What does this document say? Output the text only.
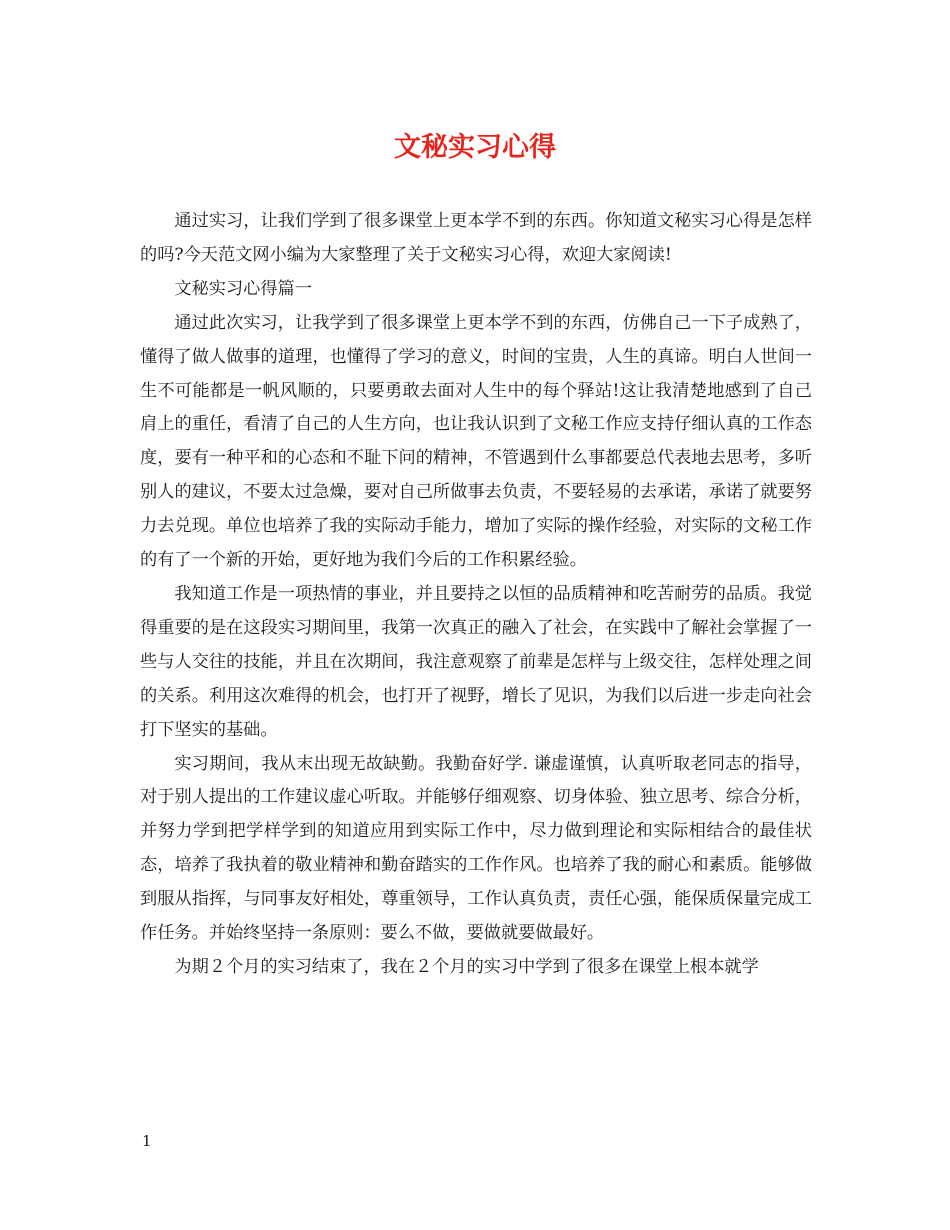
文秘实习心得

通过实习，让我们学到了很多课堂上更本学不到的东西。你知道文秘实习心得是怎样的吗?今天范文网小编为大家整理了关于文秘实习心得，欢迎大家阅读!

文秘实习心得篇一

通过此次实习，让我学到了很多课堂上更本学不到的东西，仿佛自己一下子成熟了，懂得了做人做事的道理，也懂得了学习的意义，时间的宝贵，人生的真谛。明白人世间一生不可能都是一帆风顺的，只要勇敢去面对人生中的每个驿站!这让我清楚地感到了自己肩上的重任，看清了自己的人生方向，也让我认识到了文秘工作应支持仔细认真的工作态度，要有一种平和的心态和不耻下问的精神，不管遇到什么事都要总代表地去思考，多听别人的建议，不要太过急燥，要对自己所做事去负责，不要轻易的去承诺，承诺了就要努力去兑现。单位也培养了我的实际动手能力，增加了实际的操作经验，对实际的文秘工作的有了一个新的开始，更好地为我们今后的工作积累经验。

我知道工作是一项热情的事业，并且要持之以恒的品质精神和吃苦耐劳的品质。我觉得重要的是在这段实习期间里，我第一次真正的融入了社会，在实践中了解社会掌握了一些与人交往的技能，并且在次期间，我注意观察了前辈是怎样与上级交往，怎样处理之间的关系。利用这次难得的机会，也打开了视野，增长了见识，为我们以后进一步走向社会打下坚实的基础。

实习期间，我从末出现无故缺勤。我勤奋好学. 谦虚谨慎，认真听取老同志的指导，对于别人提出的工作建议虚心听取。并能够仔细观察、切身体验、独立思考、综合分析，并努力学到把学样学到的知道应用到实际工作中，尽力做到理论和实际相结合的最佳状态，培养了我执着的敬业精神和勤奋踏实的工作作风。也培养了我的耐心和素质。能够做到服从指挥，与同事友好相处，尊重领导，工作认真负责，责任心强，能保质保量完成工作任务。并始终坚持一条原则：要么不做，要做就要做最好。

为期２个月的实习结束了，我在２个月的实习中学到了很多在课堂上根本就学

1
